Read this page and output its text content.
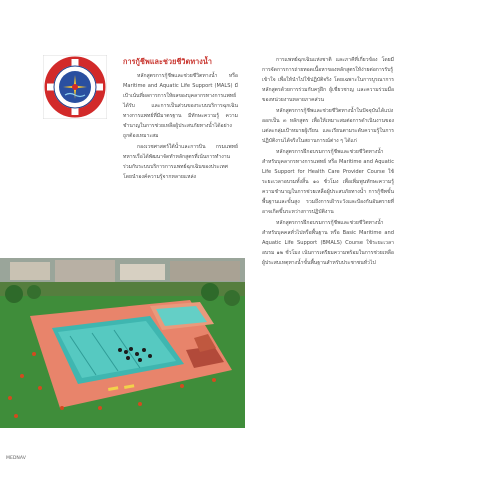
การกู้ชีพและช่วยชีวิตทางน้ำ

หลักสูตรการกู้ชีพและช่วยชีวิตทางน้ำ หรือ Maritime and Aquatic Life Support (MALS) มีเป้าเน้นที่ผลการการให้ผลของบุคลากรทางการแพทย์ได้รับ และการเป็นส่วนของระบบบริการฉุกเฉินทางการแพทย์ที่มีมาตรฐาน มีทักษะความรู้ ความชำนาญในการช่วยเหลือผู้ประสบภัยทางน้ำได้อย่างถูกต้องเหมาะสม

กองเวชศาสตร์ใต้น้ำและการบิน กรมแพทย์ทหารเรือได้พัฒนาจัดทำหลักสูตรที่เน้นการทำงานร่วมกับระบบบริการการแพทย์ฉุกเฉินของประเทศ โดยนำองค์ความรู้จากหลายแหล่ง

การแพทย์ฉุกเฉินแห่งชาติ และภาคีที่เกี่ยวข้อง โดยมีการจัดการการถ่ายทอดเนื้อหาของหลักสูตรให้ง่ายต่อการรับรู้เข้าใจ เพื่อให้นำไปใช้ปฏิบัติจริง โดยเฉพาะในการบูรณาการหลักสูตรด้วยการร่วมกับครูฝึก ผู้เชี่ยวชาญ และความร่วมมือของหน่วยงานหลายภาคส่วน

หลักสูตรการกู้ชีพและช่วยชีวิตทางน้ำในปัจจุบันได้แบ่งออกเป็น ๓ หลักสูตร เพื่อให้เหมาะสมต่อการดำเนินงานของแต่ละกลุ่มเป้าหมายผู้เรียน และเรียนตามระดับความรู้ในการปฏิบัติงานได้จริงในสถานการณ์ต่าง ๆ ได้แก่

หลักสูตรการฝึกอบรมการกู้ชีพและช่วยชีวิตทางน้ำสำหรับบุคลากรทางการแพทย์ หรือ Maritime and Aquatic Life Support for Health Care Provider Course ใช้ระยะเวลาอบรมทั้งสิ้น ๑๐ ชั่วโมง เพื่อเพิ่มพูนทักษะความรู้ความชำนาญในการช่วยเหลือผู้ประสบภัยทางน้ำ การกู้ชีพขั้นพื้นฐานและขั้นสูง รวมถึงการเฝ้าระวังและป้องกันอันตรายที่อาจเกิดขึ้นระหว่างการปฏิบัติงาน

หลักสูตรการฝึกอบรมการกู้ชีพและช่วยชีวิตทางน้ำสำหรับบุคคลทั่วไปหรือพื้นฐาน หรือ Basic Maritime and Aquatic Life Support (BMALS) Course ใช้ระยะเวลาอบรม ๑๒ ชั่วโมง เน้นการเตรียมความพร้อมในการช่วยเหลือผู้ประสบเหตุทางน้ำขั้นพื้นฐานสำหรับประชาชนทั่วไป

MEDNAV
